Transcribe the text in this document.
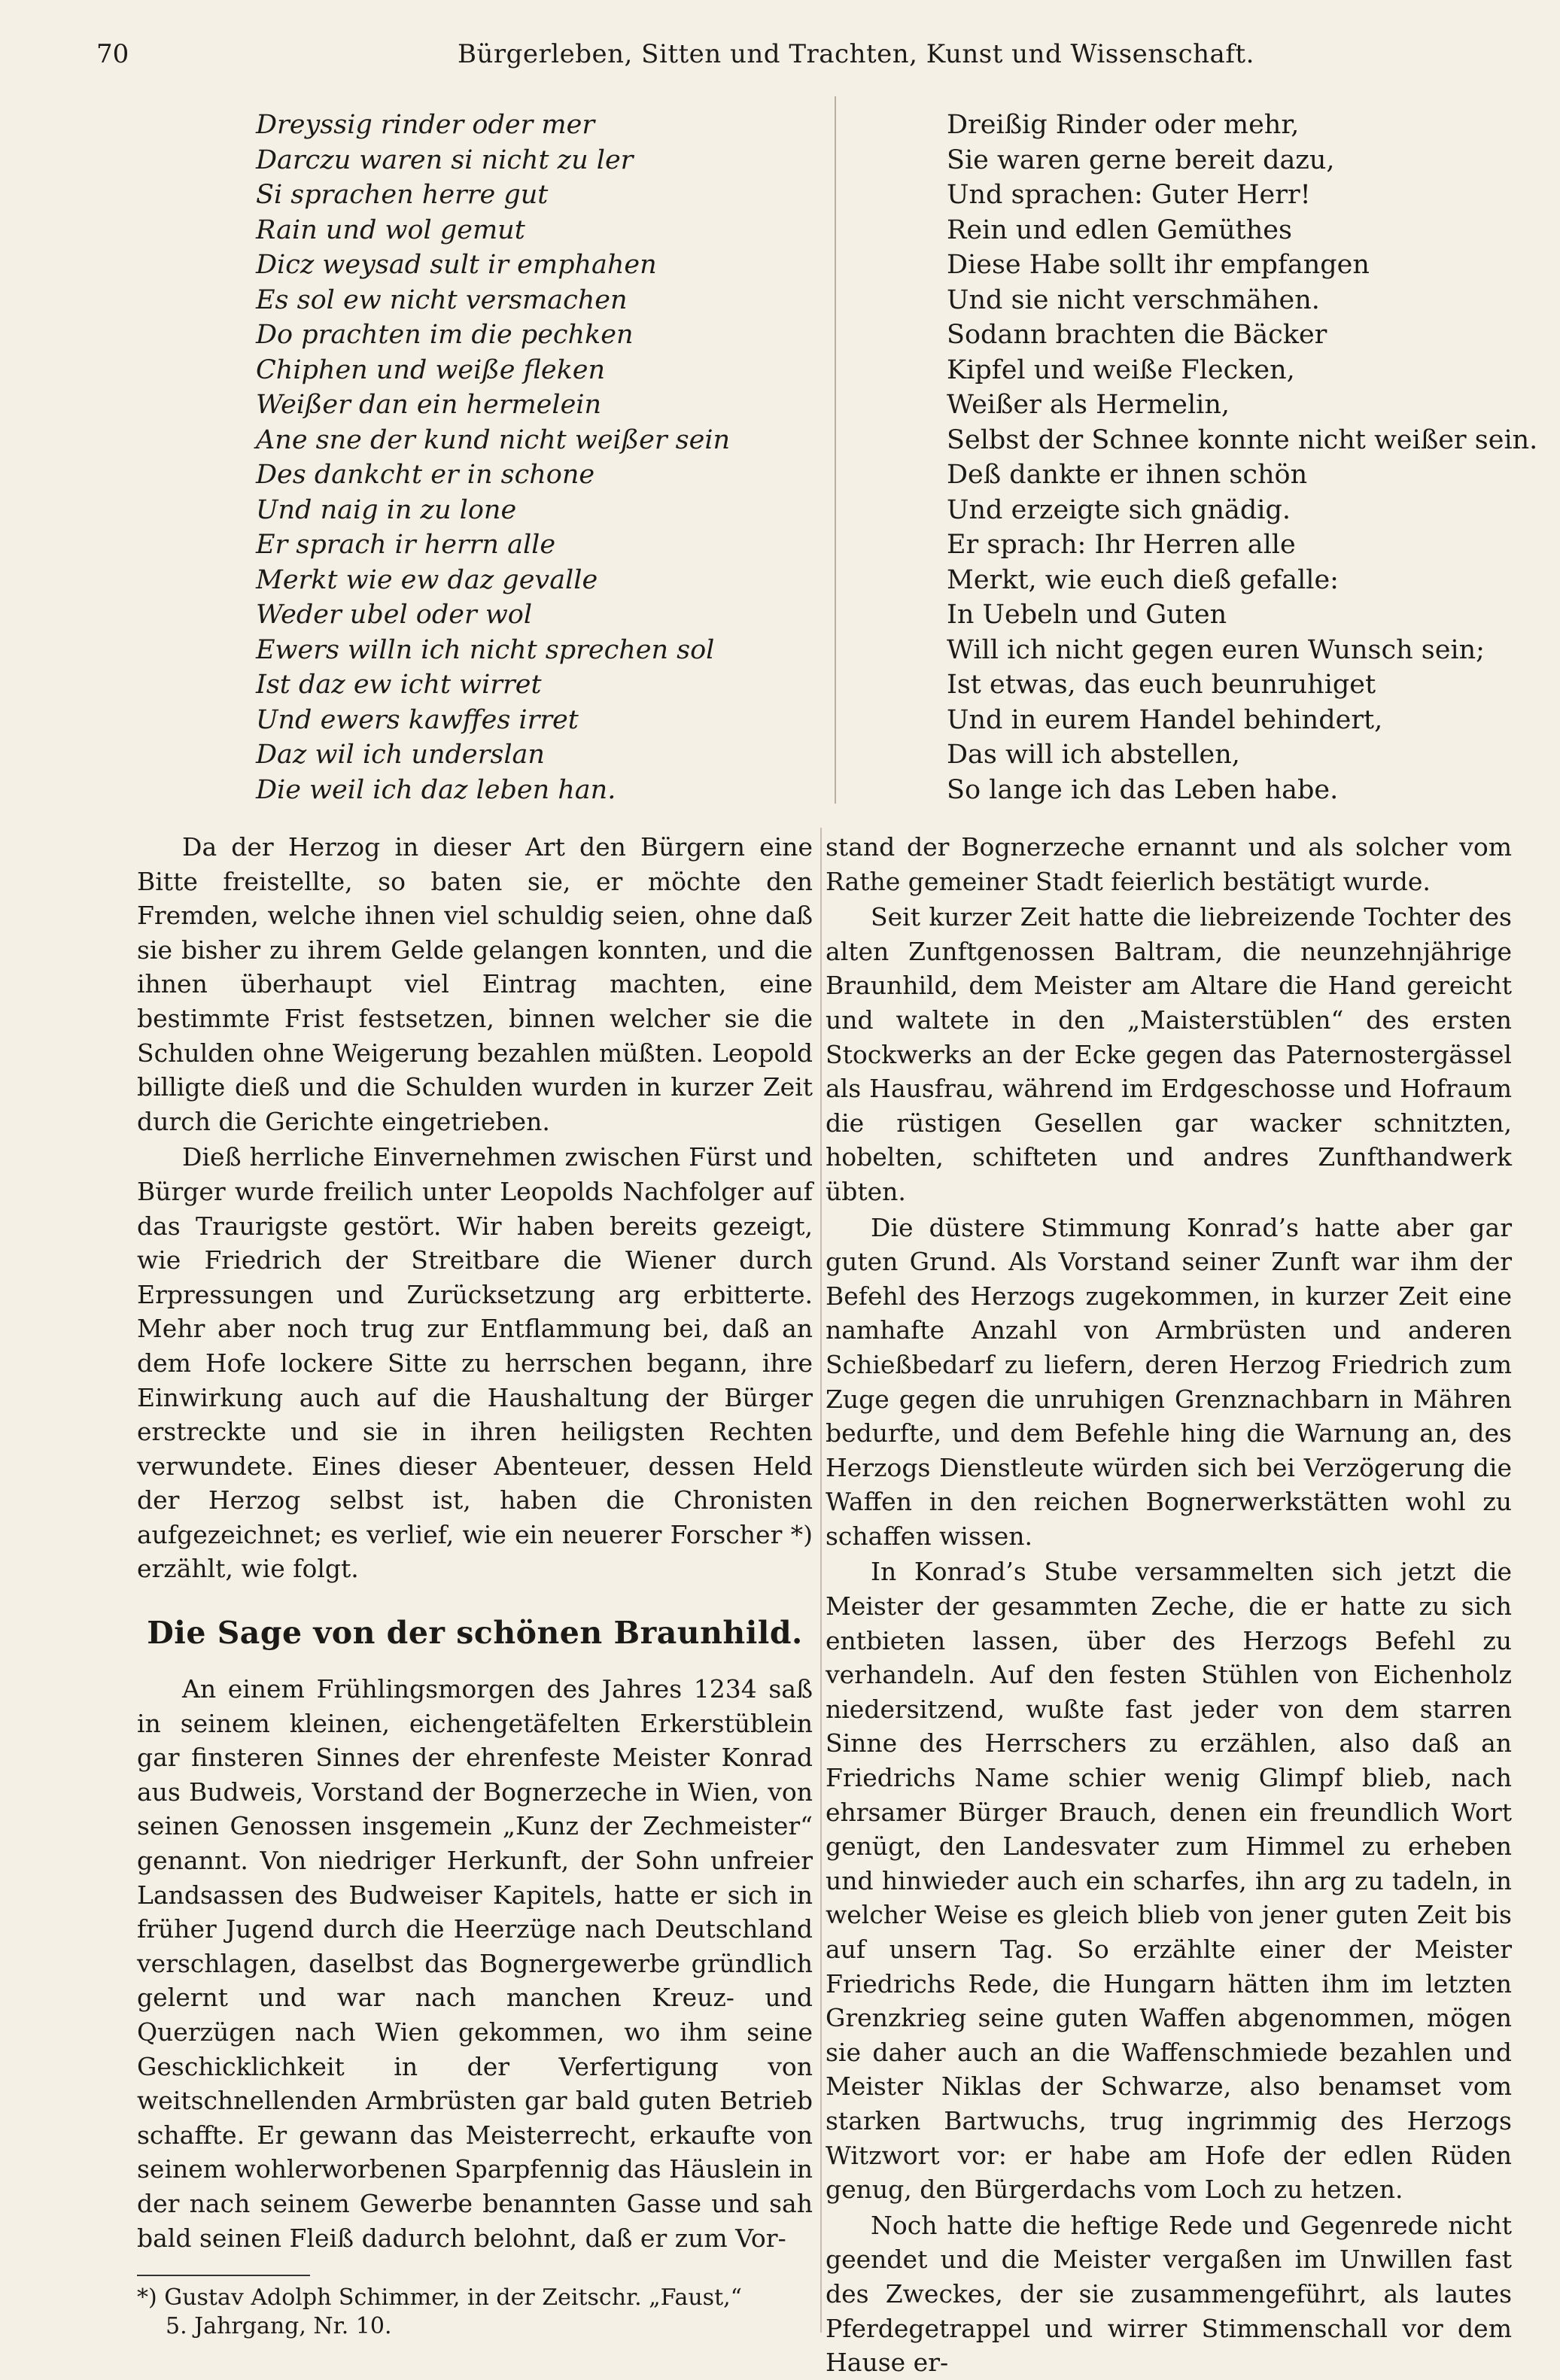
70	Bürgerleben, Sitten und Trachten, Kunst und Wissenschaft.
Dreyssig rinder oder mer
Darczu waren si nicht zu ler
Si sprachen herre gut
Rain und wol gemut
Dicz weysad sult ir emphahen
Es sol ew nicht versmachen
Do prachten im die pechken
Chiphen und weiße fleken
Weißer dan ein hermelein
Ane sne der kund nicht weißer sein
Des dankcht er in schone
Und naig in zu lone
Er sprach ir herrn alle
Merkt wie ew daz gevalle
Weder ubel oder wol
Ewers willn ich nicht sprechen sol
Ist daz ew icht wirret
Und ewers kawffes irret
Daz wil ich underslan
Die weil ich daz leben han.
Dreißig Rinder oder mehr,
Sie waren gerne bereit dazu,
Und sprachen: Guter Herr!
Rein und edlen Gemüthes
Diese Habe sollt ihr empfangen
Und sie nicht verschmähen.
Sodann brachten die Bäcker
Kipfel und weiße Flecken,
Weißer als Hermelin,
Selbst der Schnee konnte nicht weißer sein.
Deß dankte er ihnen schön
Und erzeigte sich gnädig.
Er sprach: Ihr Herren alle
Merkt, wie euch dieß gefalle:
In Uebeln und Guten
Will ich nicht gegen euren Wunsch sein;
Ist etwas, das euch beunruhiget
Und in eurem Handel behindert,
Das will ich abstellen,
So lange ich das Leben habe.

Da der Herzog in dieser Art den Bürgern eine Bitte freistellte, so baten sie, er möchte den Fremden, welche ihnen viel schuldig seien, ohne daß sie bisher zu ihrem Gelde gelangen konnten, und die ihnen überhaupt viel Eintrag machten, eine bestimmte Frist festsetzen, binnen welcher sie die Schulden ohne Weigerung bezahlen müßten. Leopold billigte dieß und die Schulden wurden in kurzer Zeit durch die Gerichte eingetrieben.

Dieß herrliche Einvernehmen zwischen Fürst und Bürger wurde freilich unter Leopolds Nachfolger auf das Traurigste gestört. Wir haben bereits gezeigt, wie Friedrich der Streitbare die Wiener durch Erpressungen und Zurücksetzung arg erbitterte. Mehr aber noch trug zur Entflammung bei, daß an dem Hofe lockere Sitte zu herrschen begann, ihre Einwirkung auch auf die Haushaltung der Bürger erstreckte und sie in ihren heiligsten Rechten verwundete. Eines dieser Abenteuer, dessen Held der Herzog selbst ist, haben die Chronisten aufgezeichnet; es verlief, wie ein neuerer Forscher *) erzählt, wie folgt.

Die Sage von der schönen Braunhild.

An einem Frühlingsmorgen des Jahres 1234 saß in seinem kleinen, eichengetäfelten Erkerstüblein gar finsteren Sinnes der ehrenfeste Meister Konrad aus Budweis, Vorstand der Bognerzeche in Wien, von seinen Genossen insgemein „Kunz der Zechmeister“ genannt. Von niedriger Herkunft, der Sohn unfreier Landsassen des Budweiser Kapitels, hatte er sich in früher Jugend durch die Heerzüge nach Deutschland verschlagen, daselbst das Bognergewerbe gründlich gelernt und war nach manchen Kreuz- und Querzügen nach Wien gekommen, wo ihm seine Geschicklichkeit in der Verfertigung von weitschnellenden Armbrüsten gar bald guten Betrieb schaffte. Er gewann das Meisterrecht, erkaufte von seinem wohlerworbenen Sparpfennig das Häuslein in der nach seinem Gewerbe benannten Gasse und sah bald seinen Fleiß dadurch belohnt, daß er zum Vor-

*) Gustav Adolph Schimmer, in der Zeitschr. „Faust,“
5. Jahrgang, Nr. 10.

stand der Bognerzeche ernannt und als solcher vom Rathe gemeiner Stadt feierlich bestätigt wurde.

Seit kurzer Zeit hatte die liebreizende Tochter des alten Zunftgenossen Baltram, die neunzehnjährige Braunhild, dem Meister am Altare die Hand gereicht und waltete in den „Maisterstüblen“ des ersten Stockwerks an der Ecke gegen das Paternostergässel als Hausfrau, während im Erdgeschosse und Hofraum die rüstigen Gesellen gar wacker schnitzten, hobelten, schifteten und andres Zunfthandwerk übten.

Die düstere Stimmung Konrad’s hatte aber gar guten Grund. Als Vorstand seiner Zunft war ihm der Befehl des Herzogs zugekommen, in kurzer Zeit eine namhafte Anzahl von Armbrüsten und anderen Schießbedarf zu liefern, deren Herzog Friedrich zum Zuge gegen die unruhigen Grenznachbarn in Mähren bedurfte, und dem Befehle hing die Warnung an, des Herzogs Dienstleute würden sich bei Verzögerung die Waffen in den reichen Bognerwerkstätten wohl zu schaffen wissen.

In Konrad’s Stube versammelten sich jetzt die Meister der gesammten Zeche, die er hatte zu sich entbieten lassen, über des Herzogs Befehl zu verhandeln. Auf den festen Stühlen von Eichenholz niedersitzend, wußte fast jeder von dem starren Sinne des Herrschers zu erzählen, also daß an Friedrichs Name schier wenig Glimpf blieb, nach ehrsamer Bürger Brauch, denen ein freundlich Wort genügt, den Landesvater zum Himmel zu erheben und hinwieder auch ein scharfes, ihn arg zu tadeln, in welcher Weise es gleich blieb von jener guten Zeit bis auf unsern Tag. So erzählte einer der Meister Friedrichs Rede, die Hungarn hätten ihm im letzten Grenzkrieg seine guten Waffen abgenommen, mögen sie daher auch an die Waffenschmiede bezahlen und Meister Niklas der Schwarze, also benamset vom starken Bartwuchs, trug ingrimmig des Herzogs Witzwort vor: er habe am Hofe der edlen Rüden genug, den Bürgerdachs vom Loch zu hetzen.

Noch hatte die heftige Rede und Gegenrede nicht geendet und die Meister vergaßen im Unwillen fast des Zweckes, der sie zusammengeführt, als lautes Pferdegetrappel und wirrer Stimmenschall vor dem Hause er-
